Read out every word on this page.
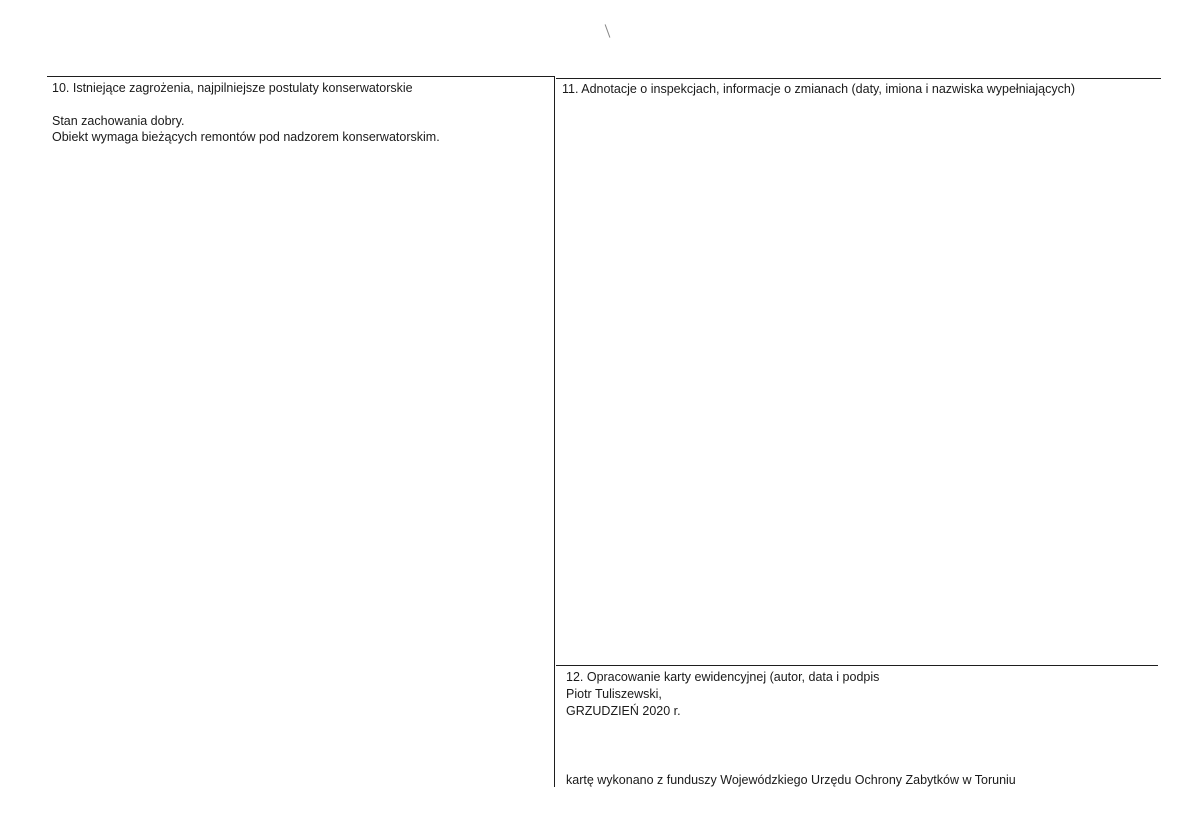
10. Istniejące zagrożenia, najpilniejsze postulaty konserwatorskie
Stan zachowania dobry.
Obiekt wymaga bieżących remontów pod nadzorem konserwatorskim.
11. Adnotacje o inspekcjach, informacje o zmianach (daty, imiona i nazwiska wypełniających)
12. Opracowanie karty ewidencyjnej (autor, data i podpis
Piotr Tuliszewski,
GRZUDZIEŃ 2020 r.
kartę wykonano z funduszy Wojewódzkiego Urzędu Ochrony Zabytków w Toruniu
